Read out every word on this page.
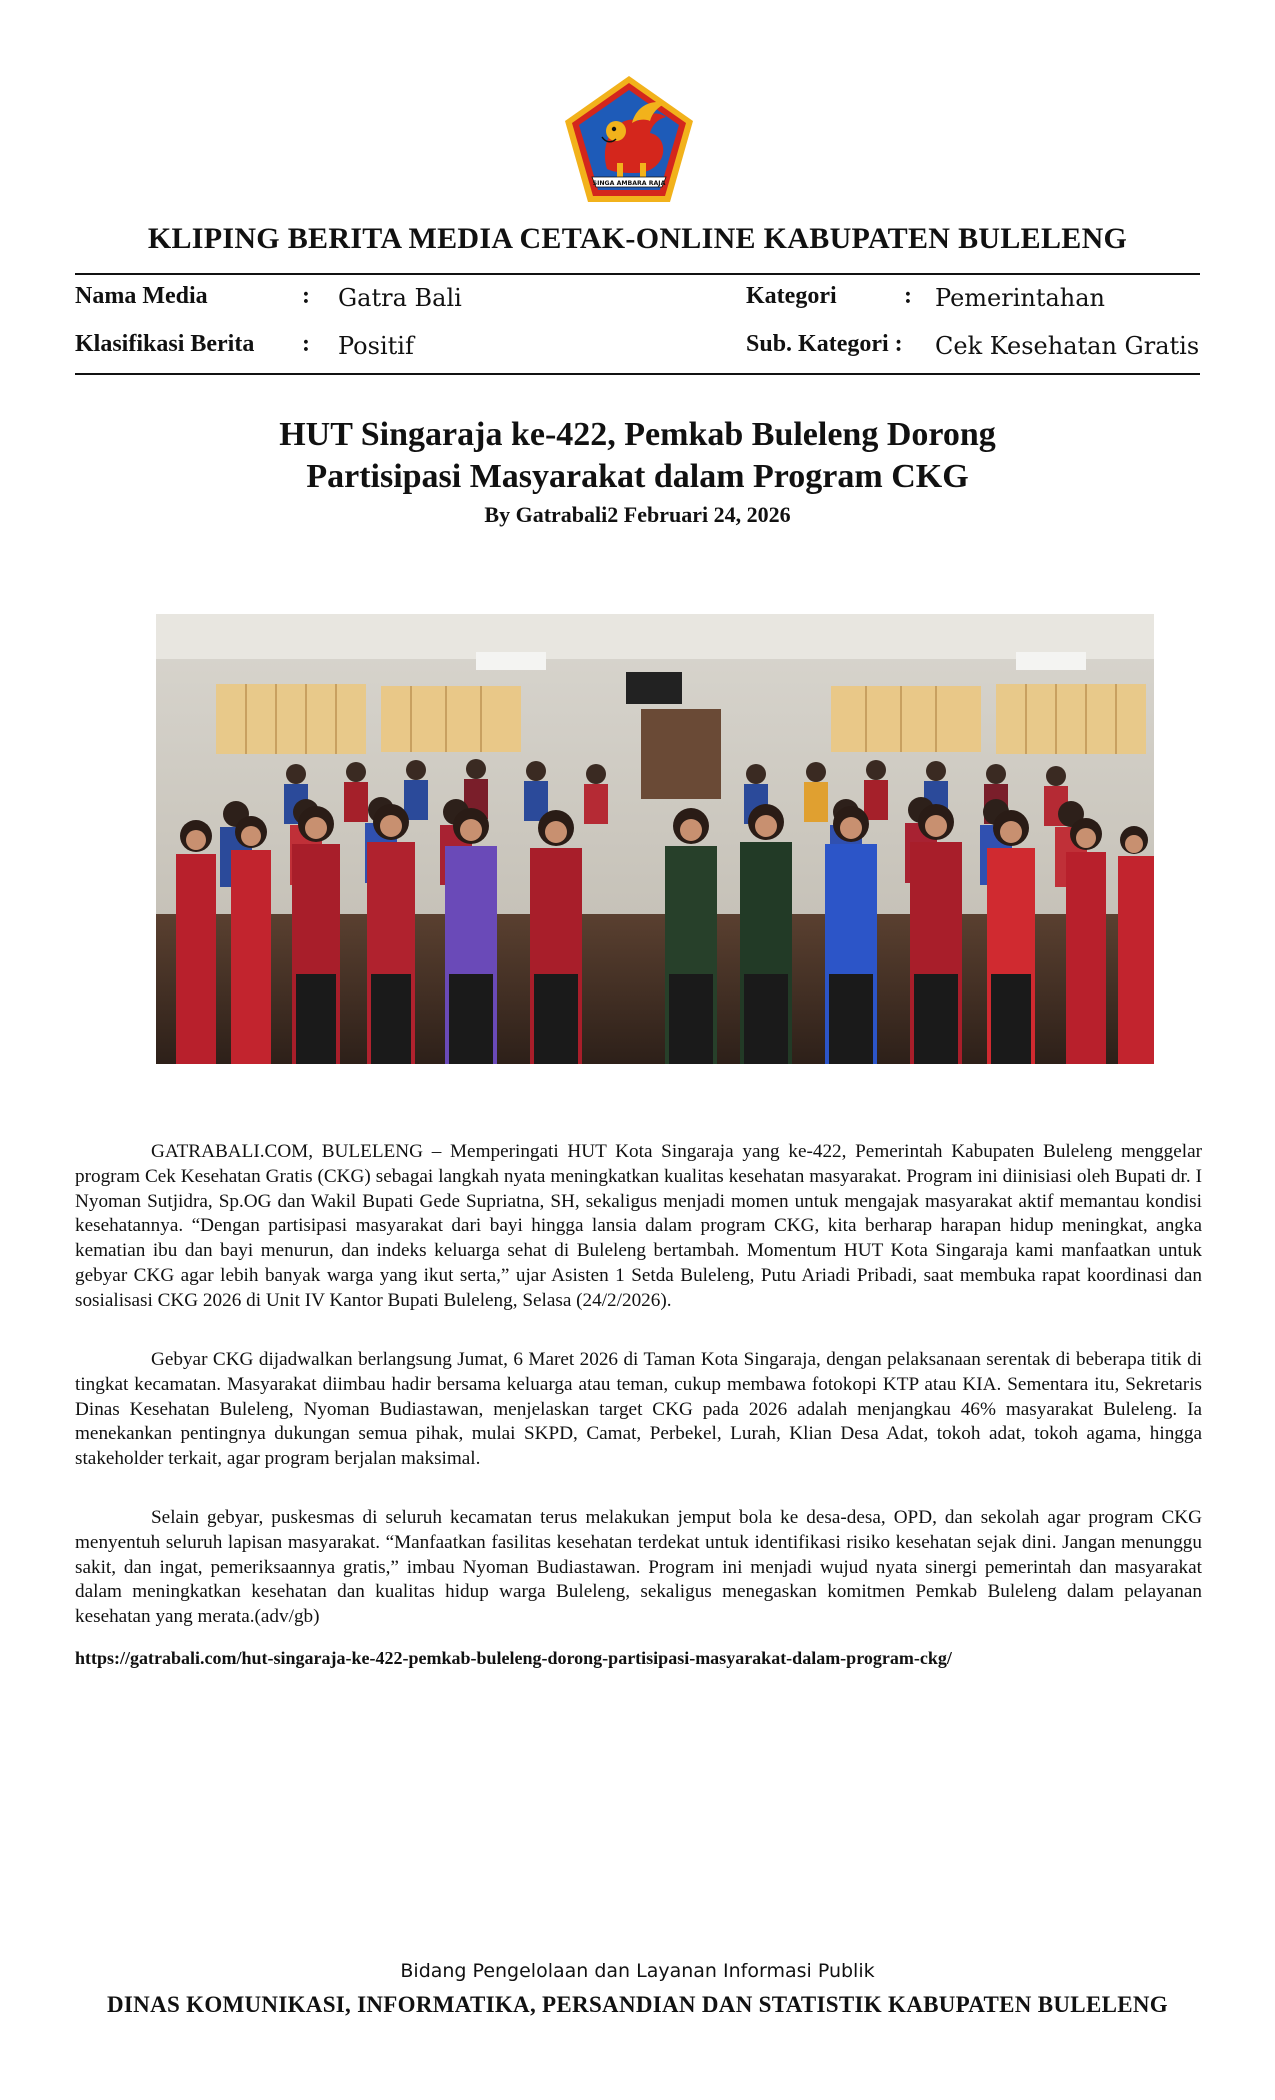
SINGA AMBARA RAJA
KLIPING BERITA MEDIA CETAK-ONLINE KABUPATEN BULELENG
Nama Media	: Gatra Bali	Kategori	: Pemerintahan
Klasifikasi Berita : Positif	Sub. Kategori : Cek Kesehatan Gratis
HUT Singaraja ke-422, Pemkab Buleleng Dorong
Partisipasi Masyarakat dalam Program CKG
By Gatrabali2 Februari 24, 2026

GATRABALI.COM, BULELENG – Memperingati HUT Kota Singaraja yang ke-422, Pemerintah Kabupaten Buleleng menggelar program Cek Kesehatan Gratis (CKG) sebagai langkah nyata meningkatkan kualitas kesehatan masyarakat. Program ini diinisiasi oleh Bupati dr. I Nyoman Sutjidra, Sp.OG dan Wakil Bupati Gede Supriatna, SH, sekaligus menjadi momen untuk mengajak masyarakat aktif memantau kondisi kesehatannya. “Dengan partisipasi masyarakat dari bayi hingga lansia dalam program CKG, kita berharap harapan hidup meningkat, angka kematian ibu dan bayi menurun, dan indeks keluarga sehat di Buleleng bertambah. Momentum HUT Kota Singaraja kami manfaatkan untuk gebyar CKG agar lebih banyak warga yang ikut serta,” ujar Asisten 1 Setda Buleleng, Putu Ariadi Pribadi, saat membuka rapat koordinasi dan sosialisasi CKG 2026 di Unit IV Kantor Bupati Buleleng, Selasa (24/2/2026).

Gebyar CKG dijadwalkan berlangsung Jumat, 6 Maret 2026 di Taman Kota Singaraja, dengan pelaksanaan serentak di beberapa titik di tingkat kecamatan. Masyarakat diimbau hadir bersama keluarga atau teman, cukup membawa fotokopi KTP atau KIA. Sementara itu, Sekretaris Dinas Kesehatan Buleleng, Nyoman Budiastawan, menjelaskan target CKG pada 2026 adalah menjangkau 46% masyarakat Buleleng. Ia menekankan pentingnya dukungan semua pihak, mulai SKPD, Camat, Perbekel, Lurah, Klian Desa Adat, tokoh adat, tokoh agama, hingga stakeholder terkait, agar program berjalan maksimal.

Selain gebyar, puskesmas di seluruh kecamatan terus melakukan jemput bola ke desa-desa, OPD, dan sekolah agar program CKG menyentuh seluruh lapisan masyarakat. “Manfaatkan fasilitas kesehatan terdekat untuk identifikasi risiko kesehatan sejak dini. Jangan menunggu sakit, dan ingat, pemeriksaannya gratis,” imbau Nyoman Budiastawan. Program ini menjadi wujud nyata sinergi pemerintah dan masyarakat dalam meningkatkan kesehatan dan kualitas hidup warga Buleleng, sekaligus menegaskan komitmen Pemkab Buleleng dalam pelayanan kesehatan yang merata.(adv/gb)

https://gatrabali.com/hut-singaraja-ke-422-pemkab-buleleng-dorong-partisipasi-masyarakat-dalam-program-ckg/
Bidang Pengelolaan dan Layanan Informasi Publik
DINAS KOMUNIKASI, INFORMATIKA, PERSANDIAN DAN STATISTIK KABUPATEN BULELENG
